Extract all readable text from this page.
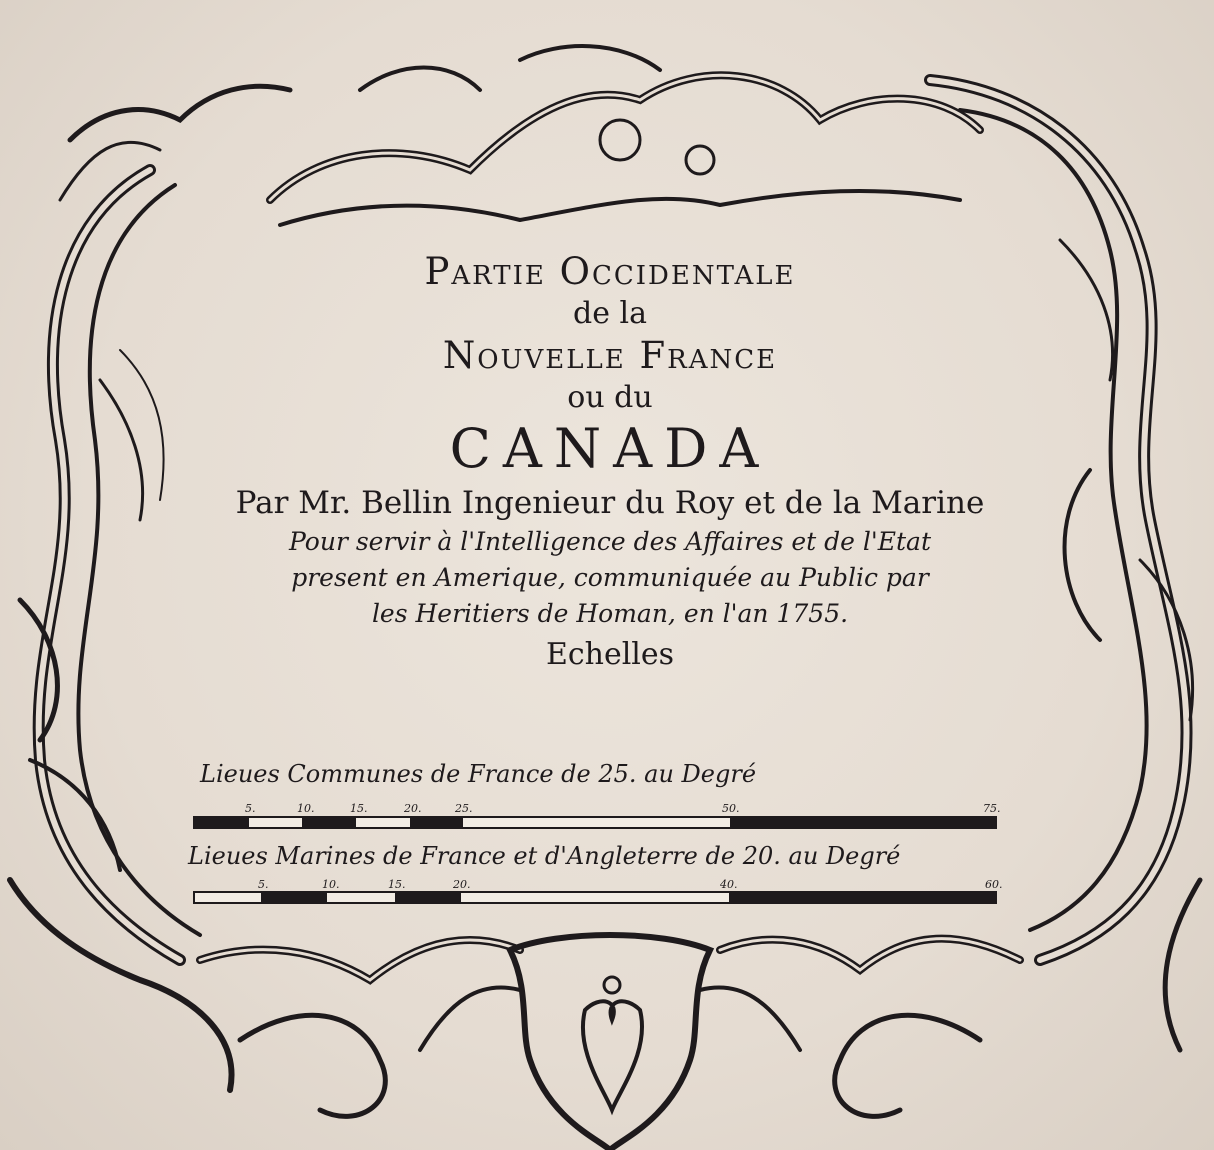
Partie Occidentale
de la
Nouvelle France
ou du
CANADA
Par Mr. Bellin Ingenieur du Roy et de la Marine
Pour servir à l'Intelligence des Affaires et de l'Etat
present en Amerique, communiquée au Public par
les Heritiers de Homan, en l'an 1755.
Echelles
Lieues Communes de France de 25. au Degré
5.	10.	15.	20.	25.	50.	75.
Lieues Marines de France et d'Angleterre de 20. au Degré
5.	10.	15.	20.	40.	60.
